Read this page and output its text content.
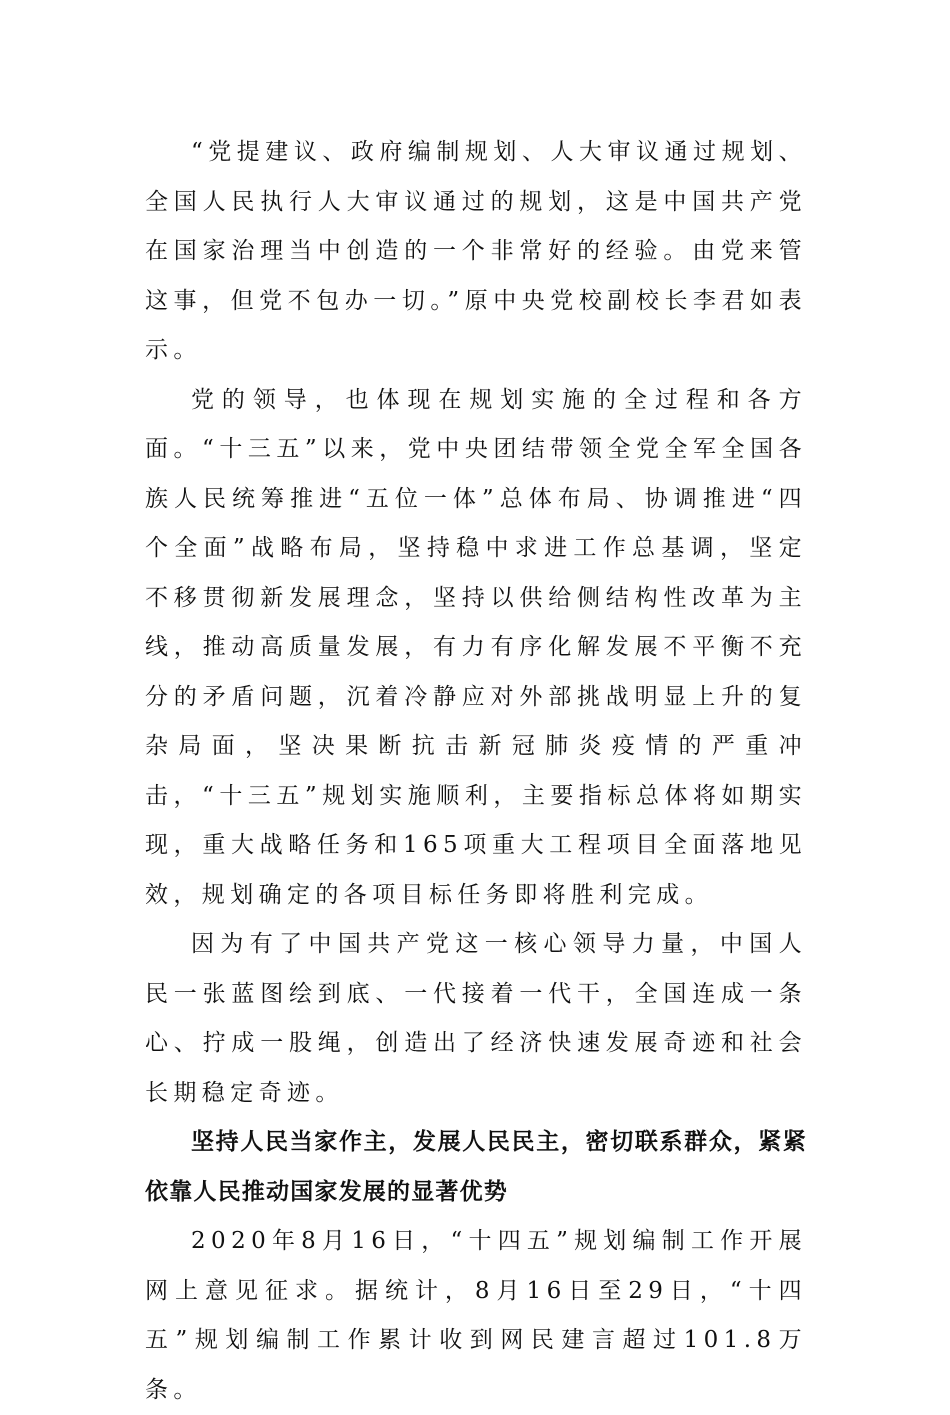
“党提建议、政府编制规划、人大审议通过规划、全国人民执行人大审议通过的规划，这是中国共产党在国家治理当中创造的一个非常好的经验。由党来管这事，但党不包办一切。”原中央党校副校长李君如表示。

党的领导，也体现在规划实施的全过程和各方面。“十三五”以来，党中央团结带领全党全军全国各族人民统筹推进“五位一体”总体布局、协调推进“四个全面”战略布局，坚持稳中求进工作总基调，坚定不移贯彻新发展理念，坚持以供给侧结构性改革为主线，推动高质量发展，有力有序化解发展不平衡不充分的矛盾问题，沉着冷静应对外部挑战明显上升的复杂局面，坚决果断抗击新冠肺炎疫情的严重冲击，“十三五”规划实施顺利，主要指标总体将如期实现，重大战略任务和165项重大工程项目全面落地见效，规划确定的各项目标任务即将胜利完成。

因为有了中国共产党这一核心领导力量，中国人民一张蓝图绘到底、一代接着一代干，全国连成一条心、拧成一股绳，创造出了经济快速发展奇迹和社会长期稳定奇迹。

坚持人民当家作主，发展人民民主，密切联系群众，紧紧依靠人民推动国家发展的显著优势

2020年8月16日，“十四五”规划编制工作开展网上意见征求。据统计，8月16日至29日，“十四五”规划编制工作累计收到网民建言超过101.8万条。
